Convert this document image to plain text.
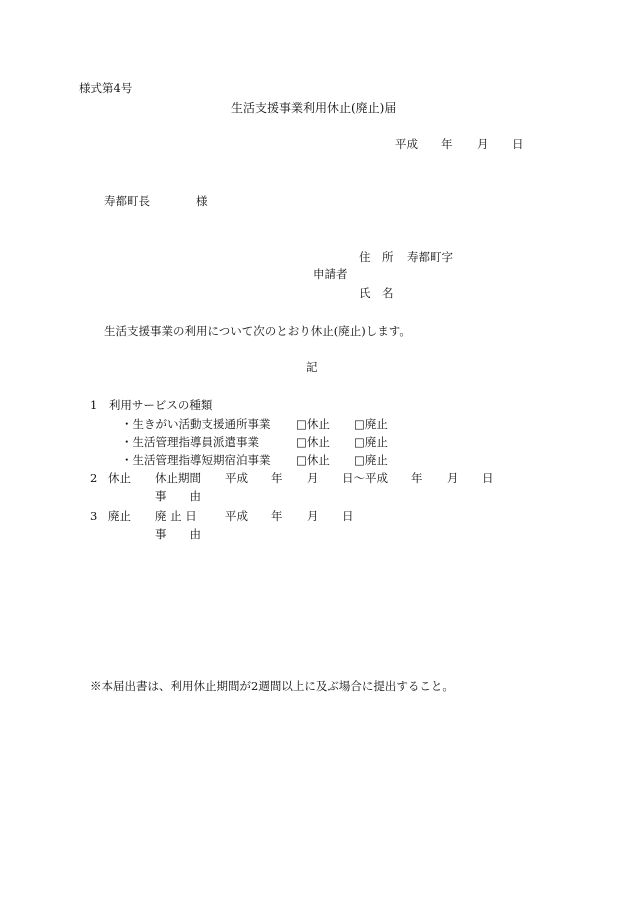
様式第4号
生活支援事業利用休止(廃止)届
平成 年 月 日
寿都町長	様
住　所 寿都町字
申請者
氏　名
生活支援事業の利用について次のとおり休止(廃止)します。
記
1　利用サービスの種類
・生きがい活動支援通所事業 □休止 □廃止
・生活管理指導員派遣事業	□休止 □廃止
・生活管理指導短期宿泊事業 □休止 □廃止
2 休止 休止期間 平成 年 月 日～平成 年 月 日
事　　由
3 廃止 廃 止 日 平成 年 月 日
事　　由
※本届出書は、利用休止期間が2週間以上に及ぶ場合に提出すること。
